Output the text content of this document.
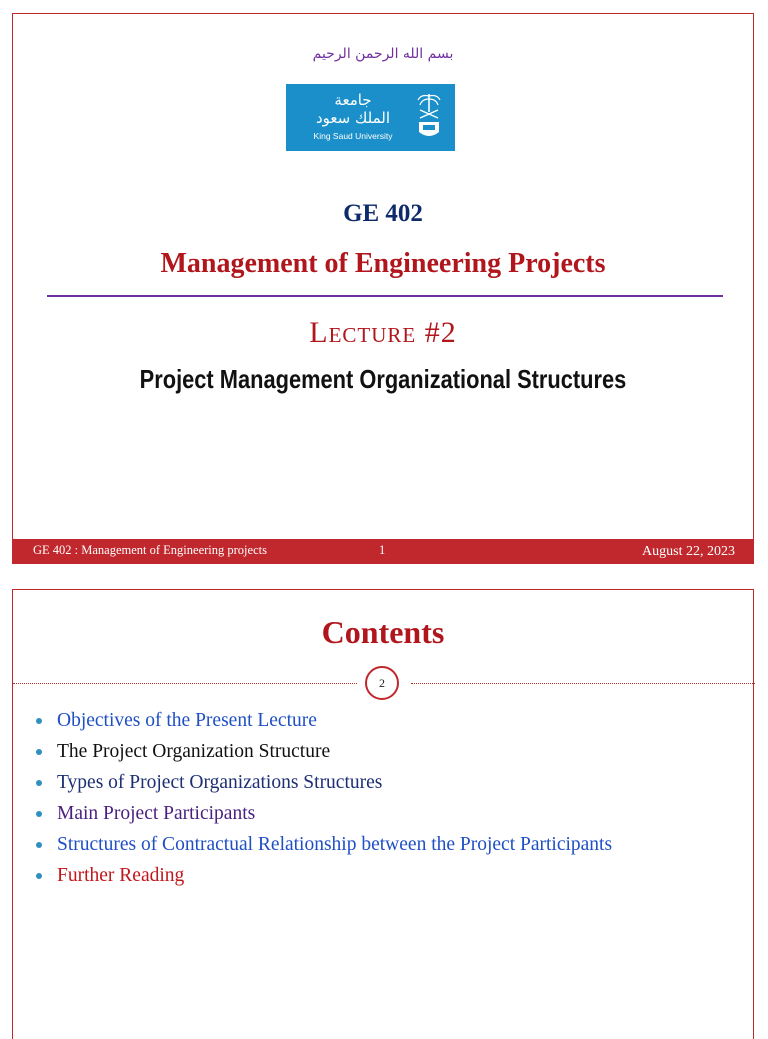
بسم الله الرحمن الرحيم
جامعة
الملك سعود
King Saud University
GE 402
Management of Engineering Projects
Lecture #2
Project Management Organizational Structures
GE 402 : Management of Engineering projects	1	August 22, 2023
Contents
2
Objectives of the Present Lecture
The Project Organization Structure
Types of Project Organizations Structures
Main Project Participants
Structures of Contractual Relationship between the Project Participants
Further Reading
